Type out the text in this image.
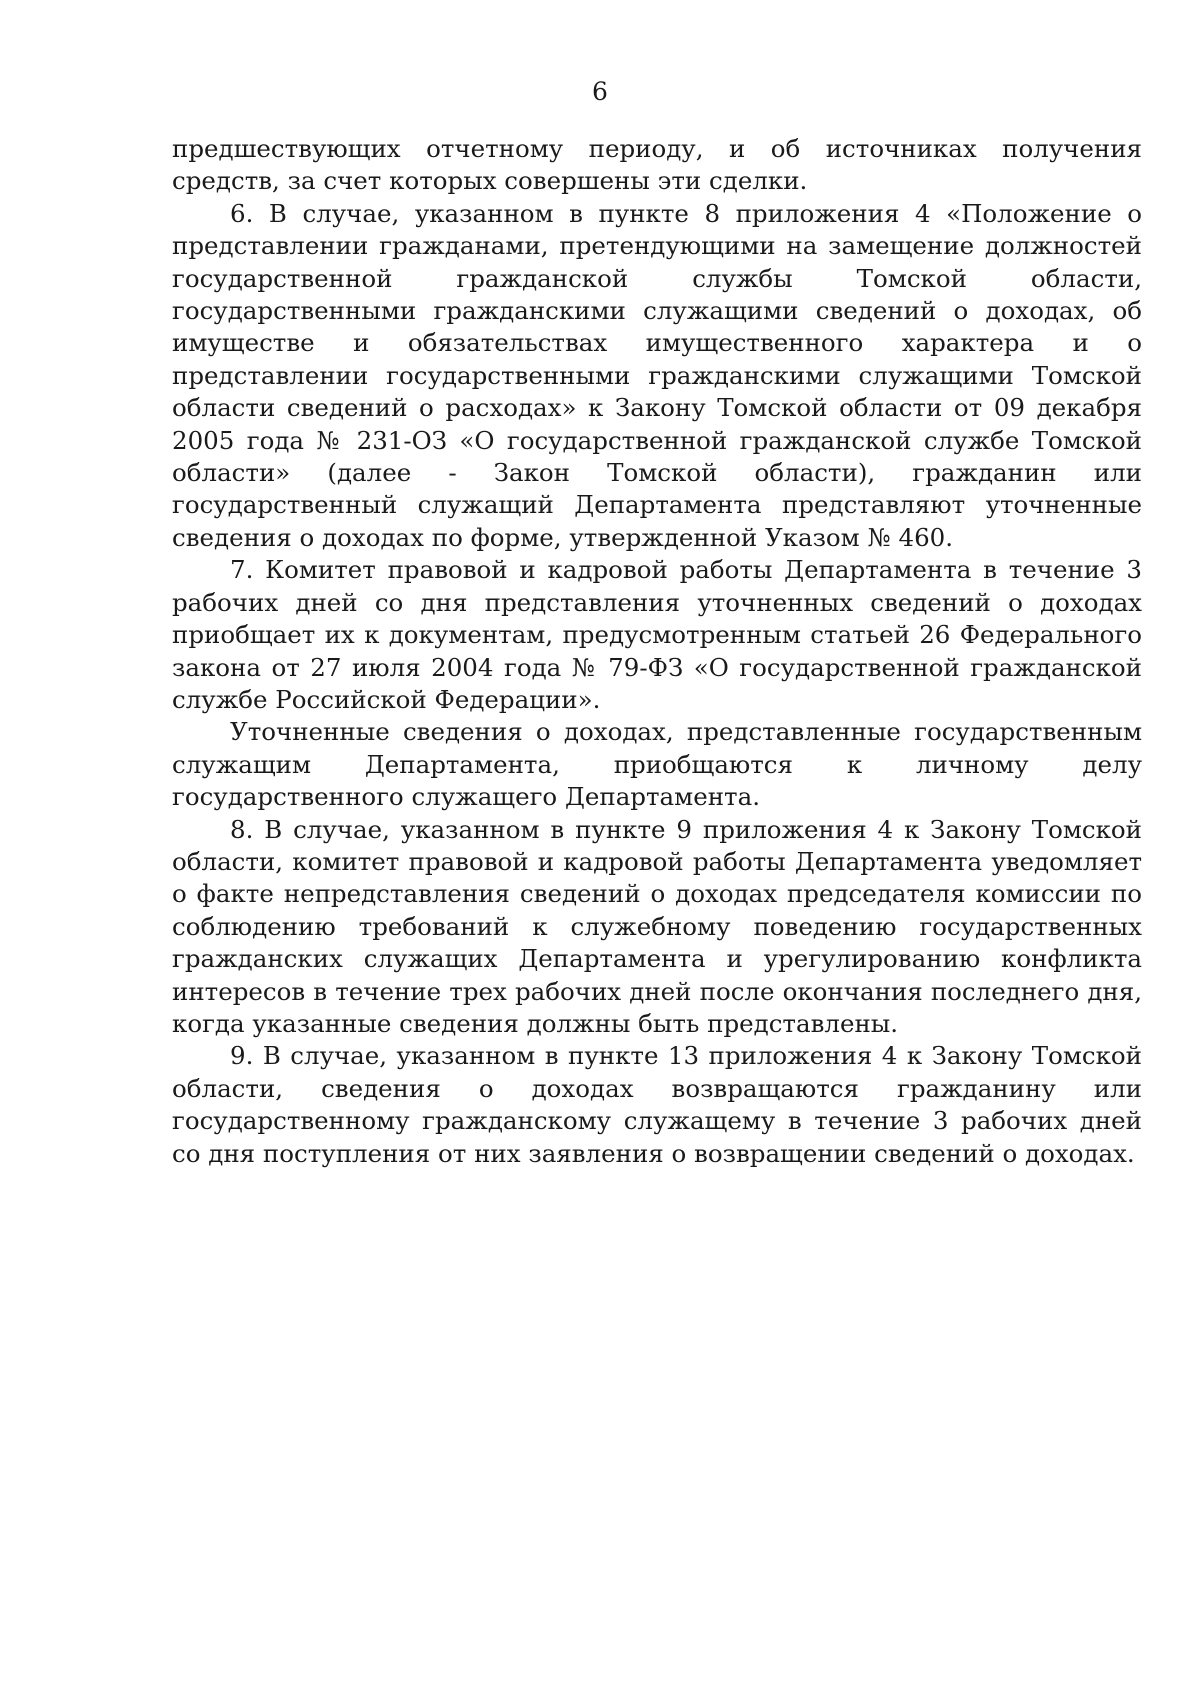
6

предшествующих отчетному периоду, и об источниках получения средств, за счет которых совершены эти сделки.

6. В случае, указанном в пункте 8 приложения 4 «Положение о представлении гражданами, претендующими на замещение должностей государственной гражданской службы Томской области, государственными гражданскими служащими сведений о доходах, об имуществе и обязательствах имущественного характера и о представлении государственными гражданскими служащими Томской области сведений о расходах» к Закону Томской области от 09 декабря 2005 года № 231-ОЗ «О государственной гражданской службе Томской области» (далее - Закон Томской области), гражданин или государственный служащий Департамента представляют уточненные сведения о доходах по форме, утвержденной Указом № 460.

7. Комитет правовой и кадровой работы Департамента в течение 3 рабочих дней со дня представления уточненных сведений о доходах приобщает их к документам, предусмотренным статьей 26 Федерального закона от 27 июля 2004 года № 79-ФЗ «О государственной гражданской службе Российской Федерации».

Уточненные сведения о доходах, представленные государственным служащим Департамента, приобщаются к личному делу государственного служащего Департамента.

8. В случае, указанном в пункте 9 приложения 4 к Закону Томской области, комитет правовой и кадровой работы Департамента уведомляет о факте непредставления сведений о доходах председателя комиссии по соблюдению требований к служебному поведению государственных гражданских служащих Департамента и урегулированию конфликта интересов в течение трех рабочих дней после окончания последнего дня, когда указанные сведения должны быть представлены.

9. В случае, указанном в пункте 13 приложения 4 к Закону Томской области, сведения о доходах возвращаются гражданину или государственному гражданскому служащему в течение 3 рабочих дней со дня поступления от них заявления о возвращении сведений о доходах.
